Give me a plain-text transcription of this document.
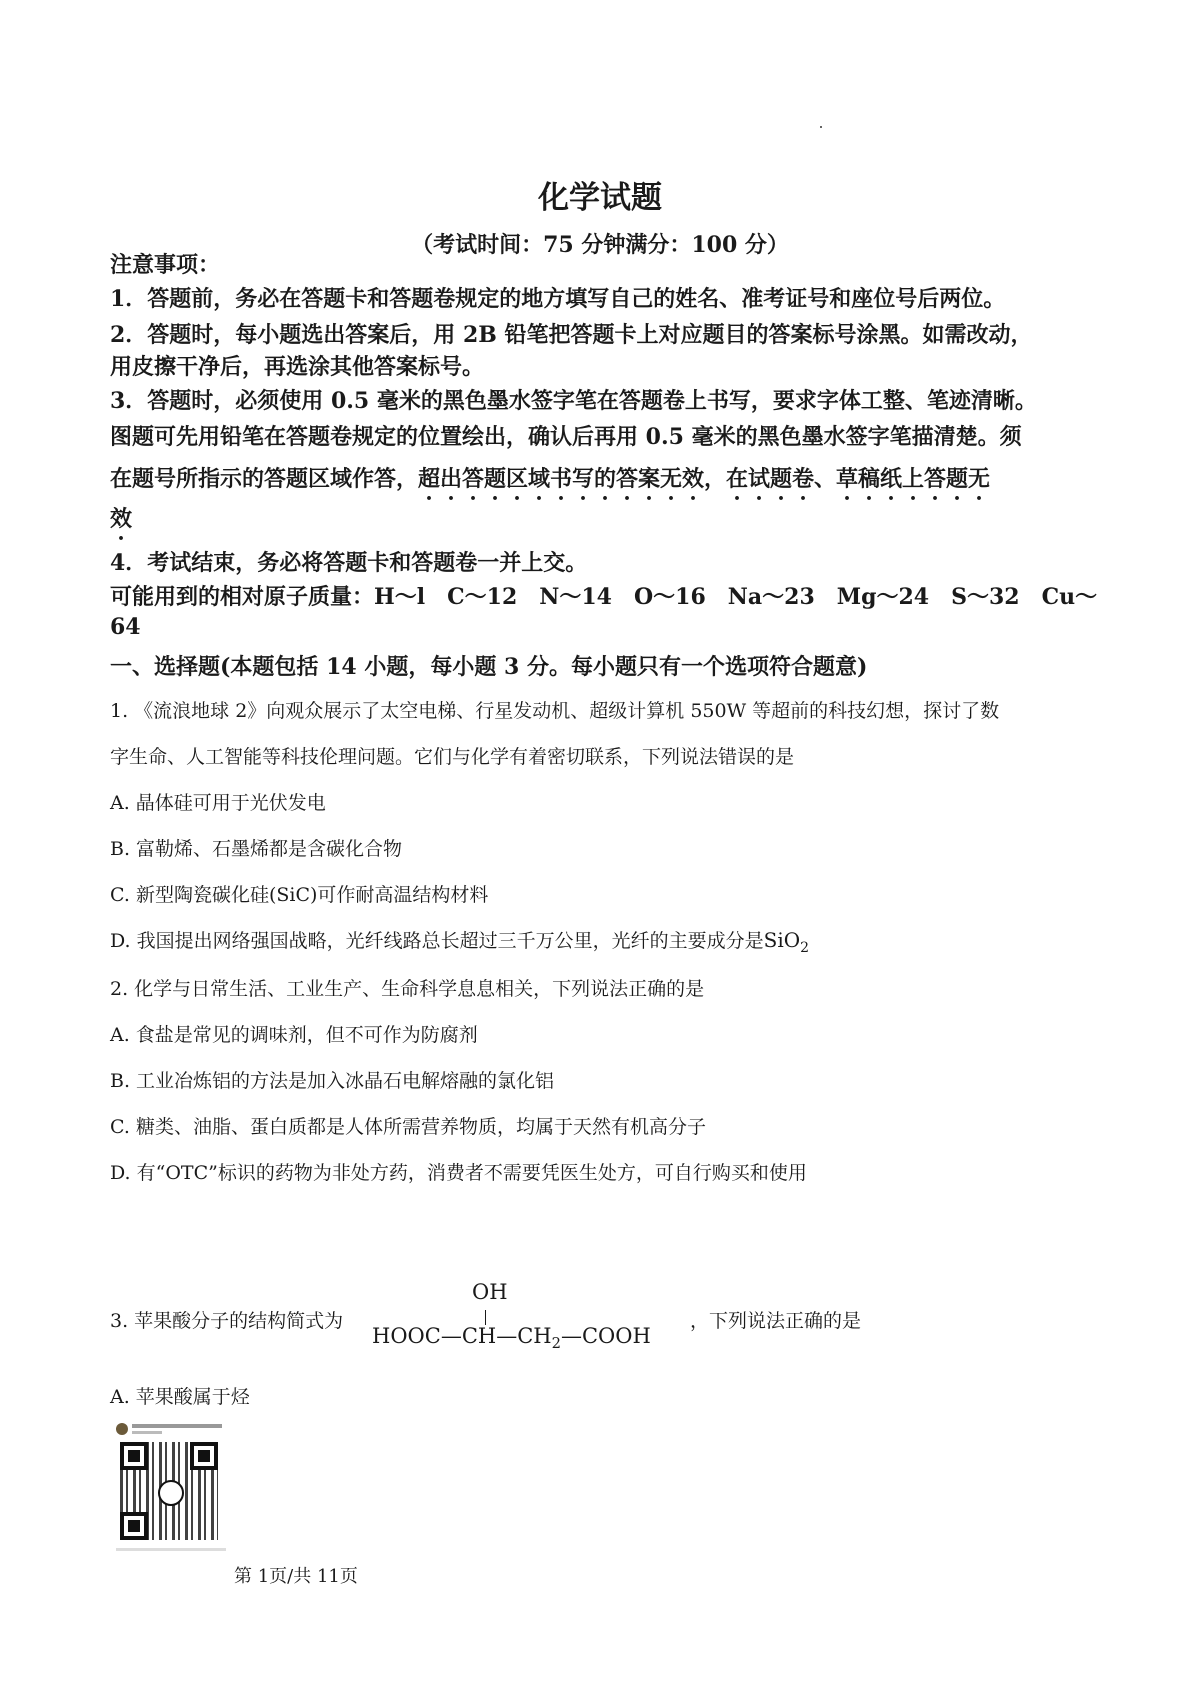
化学试题
（考试时间：75 分钟满分：100 分）
注意事项：
1．答题前，务必在答题卡和答题卷规定的地方填写自己的姓名、准考证号和座位号后两位。
2．答题时，每小题选出答案后，用 2B 铅笔把答题卡上对应题目的答案标号涂黑。如需改动，
用皮擦干净后，再选涂其他答案标号。
3．答题时，必须使用 0.5 毫米的黑色墨水签字笔在答题卷上书写，要求字体工整、笔迹清晰。
图题可先用铅笔在答题卷规定的位置绘出，确认后再用 0.5 毫米的黑色墨水签字笔描清楚。须
在题号所指示的答题区域作答，超出答题区域书写的答案无效，在试题卷、草稿纸上答题无
效
4．考试结束，务必将答题卡和答题卷一并上交。
可能用到的相对原子质量：H～l　C～12　N～14　O～16　Na～23　Mg～24　S～32　Cu～
64
一、选择题(本题包括 14 小题，每小题 3 分。每小题只有一个选项符合题意)
1. 《流浪地球 2》向观众展示了太空电梯、行星发动机、超级计算机 550W 等超前的科技幻想，探讨了数
字生命、人工智能等科技伦理问题。它们与化学有着密切联系，下列说法错误的是
A. 晶体硅可用于光伏发电
B. 富勒烯、石墨烯都是含碳化合物
C. 新型陶瓷碳化硅(SiC)可作耐高温结构材料
D. 我国提出网络强国战略，光纤线路总长超过三千万公里，光纤的主要成分是SiO$_2$
2. 化学与日常生活、工业生产、生命科学息息相关，下列说法正确的是
A. 食盐是常见的调味剂，但不可作为防腐剂
B. 工业冶炼铝的方法是加入冰晶石电解熔融的氯化铝
C. 糖类、油脂、蛋白质都是人体所需营养物质，均属于天然有机高分子
D. 有“OTC”标识的药物为非处方药，消费者不需要凭医生处方，可自行购买和使用
3. 苹果酸分子的结构简式为
OH
$HOOC—CH—CH_2—COOH$
，下列说法正确的是
A. 苹果酸属于烃
第 1页/共 11页
